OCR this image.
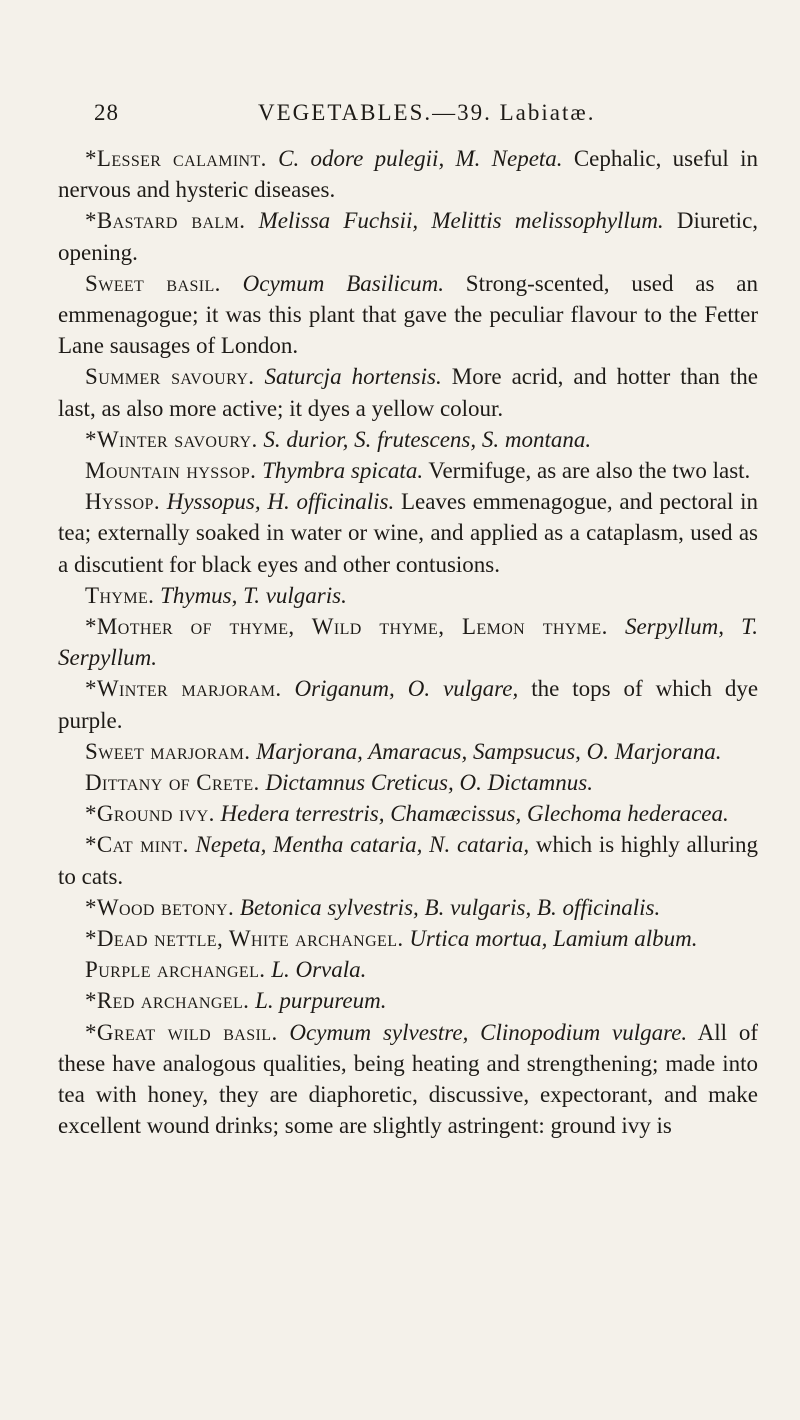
28	VEGETABLES.—39. Labiatæ.

*Lesser calamint. C. odore pulegii, M. Nepeta. Cephalic, useful in nervous and hysteric diseases.

*Bastard balm. Melissa Fuchsii, Melittis melissophyllum. Diuretic, opening.

Sweet basil. Ocymum Basilicum. Strong-scented, used as an emmenagogue; it was this plant that gave the peculiar flavour to the Fetter Lane sausages of London.

Summer savoury. Saturcja hortensis. More acrid, and hotter than the last, as also more active; it dyes a yellow colour.

*Winter savoury. S. durior, S. frutescens, S. montana.

Mountain hyssop. Thymbra spicata. Vermifuge, as are also the two last.

Hyssop. Hyssopus, H. officinalis. Leaves emmenagogue, and pectoral in tea; externally soaked in water or wine, and applied as a cataplasm, used as a discutient for black eyes and other contusions.

Thyme. Thymus, T. vulgaris.

*Mother of thyme, Wild thyme, Lemon thyme. Serpyllum, T. Serpyllum.

*Winter marjoram. Origanum, O. vulgare, the tops of which dye purple.

Sweet marjoram. Marjorana, Amaracus, Sampsucus, O. Marjorana.

Dittany of Crete. Dictamnus Creticus, O. Dictamnus.

*Ground ivy. Hedera terrestris, Chamæcissus, Glechoma hederacea.

*Cat mint. Nepeta, Mentha cataria, N. cataria, which is highly alluring to cats.

*Wood betony. Betonica sylvestris, B. vulgaris, B. officinalis.

*Dead nettle, White archangel. Urtica mortua, Lamium album.

Purple archangel. L. Orvala.

*Red archangel. L. purpureum.

*Great wild basil. Ocymum sylvestre, Clinopodium vulgare. All of these have analogous qualities, being heating and strengthening; made into tea with honey, they are diaphoretic, discussive, expectorant, and make excellent wound drinks; some are slightly astringent: ground ivy is
